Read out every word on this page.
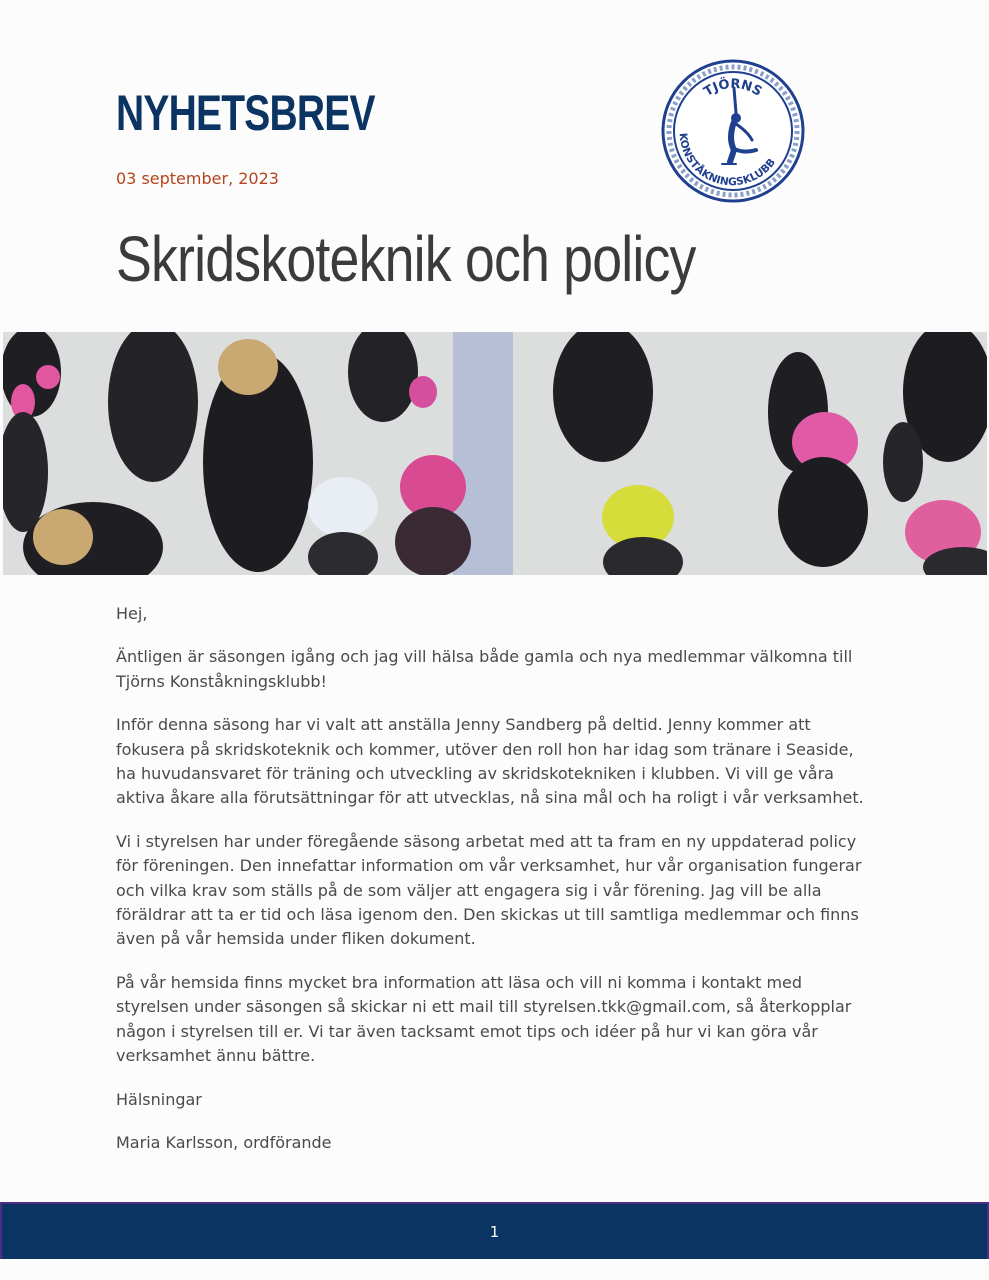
NYHETSBREV
03 september, 2023
Skridskoteknik och policy
TJÖRNS
KONSTÅKNINGSKLUBB

Hej,

Äntligen är säsongen igång och jag vill hälsa både gamla och nya medlemmar välkomna till Tjörns Konståkningsklubb!

Inför denna säsong har vi valt att anställa Jenny Sandberg på deltid. Jenny kommer att fokusera på skridskoteknik och kommer, utöver den roll hon har idag som tränare i Seaside, ha huvudansvaret för träning och utveckling av skridskotekniken i klubben. Vi vill ge våra aktiva åkare alla förutsättningar för att utvecklas, nå sina mål och ha roligt i vår verksamhet.

Vi i styrelsen har under föregående säsong arbetat med att ta fram en ny uppdaterad policy för föreningen. Den innefattar information om vår verksamhet, hur vår organisation fungerar och vilka krav som ställs på de som väljer att engagera sig i vår förening. Jag vill be alla föräldrar att ta er tid och läsa igenom den. Den skickas ut till samtliga medlemmar och finns även på vår hemsida under fliken dokument.

På vår hemsida finns mycket bra information att läsa och vill ni komma i kontakt med styrelsen under säsongen så skickar ni ett mail till styrelsen.tkk@gmail.com, så återkopplar någon i styrelsen till er. Vi tar även tacksamt emot tips och idéer på hur vi kan göra vår verksamhet ännu bättre.

Hälsningar

Maria Karlsson, ordförande

1
